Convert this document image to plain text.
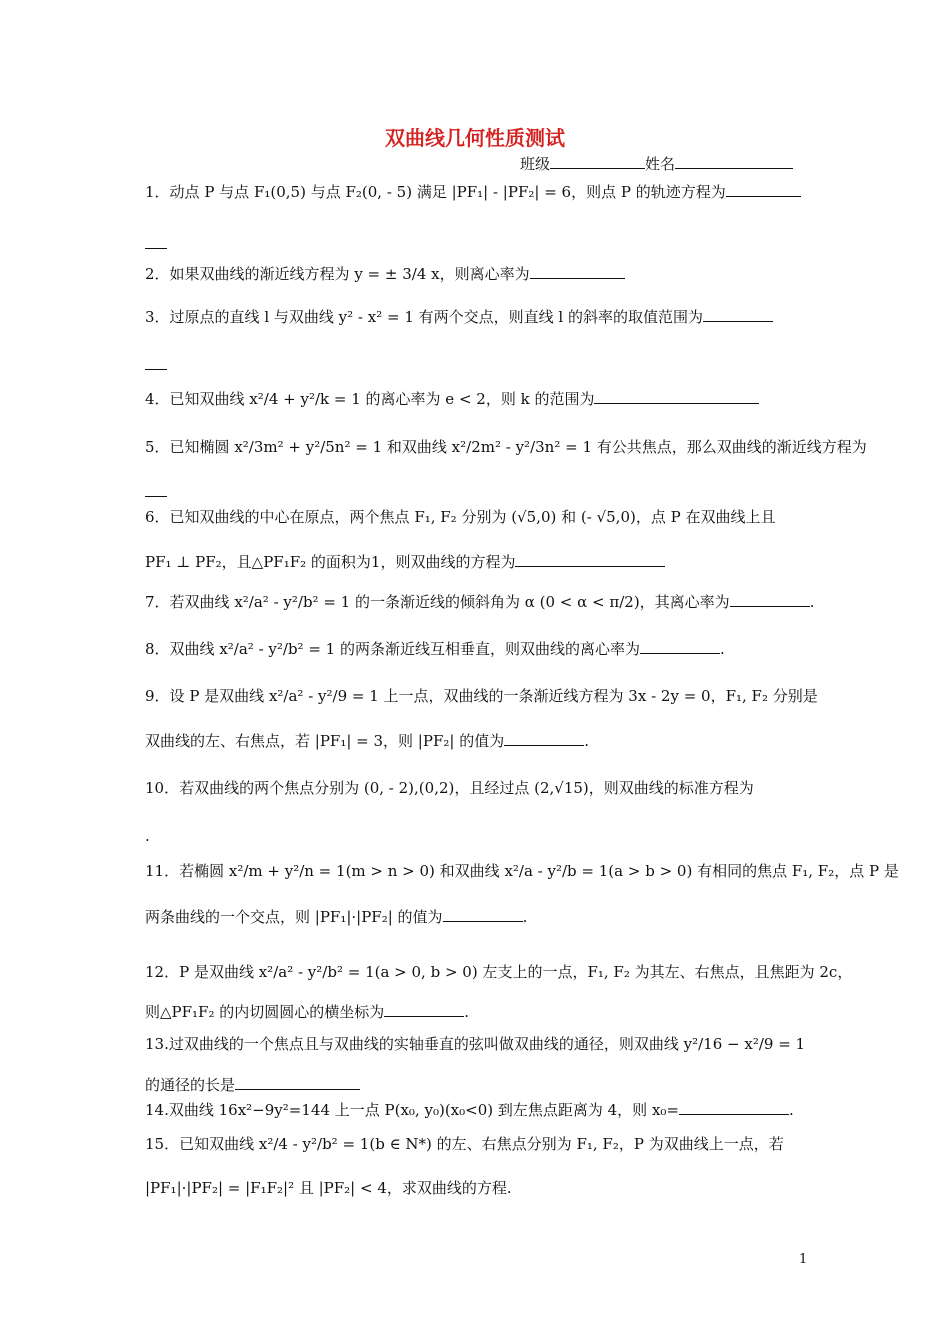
双曲线几何性质测试
班级	姓名
1．动点 P 与点 F₁(0,5) 与点 F₂(0, - 5) 满足 |PF₁| - |PF₂| = 6，则点 P 的轨迹方程为
2．如果双曲线的渐近线方程为 y = ± 3/4 x，则离心率为
3．过原点的直线 l 与双曲线 y² - x² = 1 有两个交点，则直线 l 的斜率的取值范围为
4．已知双曲线 x²/4 + y²/k = 1 的离心率为 e < 2，则 k 的范围为
5．已知椭圆 x²/3m² + y²/5n² = 1 和双曲线 x²/2m² - y²/3n² = 1 有公共焦点，那么双曲线的渐近线方程为
6．已知双曲线的中心在原点，两个焦点 F₁, F₂ 分别为 (√5,0) 和 (- √5,0)，点 P 在双曲线上且
PF₁ ⊥ PF₂，且△PF₁F₂ 的面积为1，则双曲线的方程为
7．若双曲线 x²/a² - y²/b² = 1 的一条渐近线的倾斜角为 α (0 < α < π/2)，其离心率为	.
8．双曲线 x²/a² - y²/b² = 1 的两条渐近线互相垂直，则双曲线的离心率为	.
9．设 P 是双曲线 x²/a² - y²/9 = 1 上一点，双曲线的一条渐近线方程为 3x - 2y = 0，F₁, F₂ 分别是
双曲线的左、右焦点，若 |PF₁| = 3，则 |PF₂| 的值为	.
10．若双曲线的两个焦点分别为 (0, - 2),(0,2)，且经过点 (2,√15)，则双曲线的标准方程为
.
11．若椭圆 x²/m + y²/n = 1(m > n > 0) 和双曲线 x²/a - y²/b = 1(a > b > 0) 有相同的焦点 F₁, F₂，点 P 是
两条曲线的一个交点，则 |PF₁|·|PF₂| 的值为	.
12．P 是双曲线 x²/a² - y²/b² = 1(a > 0, b > 0) 左支上的一点，F₁, F₂ 为其左、右焦点，且焦距为 2c，
则△PF₁F₂ 的内切圆圆心的横坐标为	.
13.过双曲线的一个焦点且与双曲线的实轴垂直的弦叫做双曲线的通径，则双曲线 y²/16 − x²/9 = 1
的通径的长是
14.双曲线 16x²−9y²=144 上一点 P(x₀, y₀)(x₀<0) 到左焦点距离为 4，则 x₀=	.
15．已知双曲线 x²/4 - y²/b² = 1(b ∈ N*) 的左、右焦点分别为 F₁, F₂，P 为双曲线上一点，若
|PF₁|·|PF₂| = |F₁F₂|² 且 |PF₂| < 4，求双曲线的方程.
1
